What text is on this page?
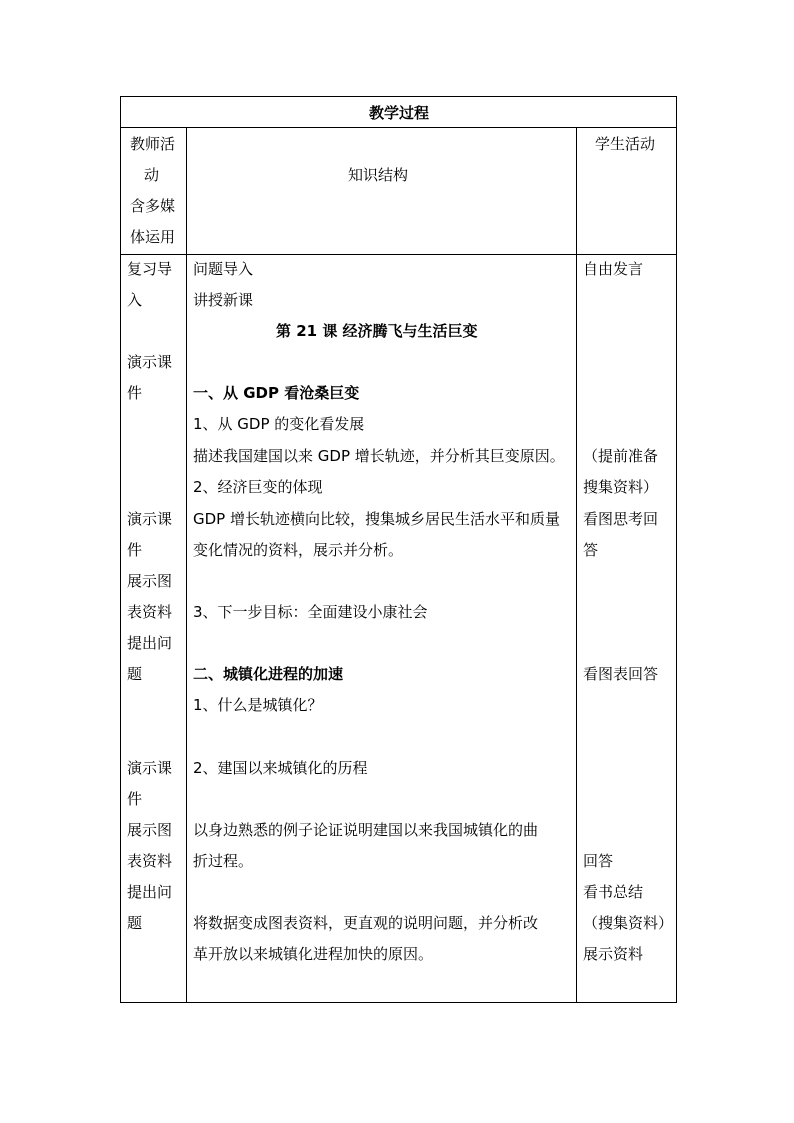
教学过程
教师活
动
含多媒
体运用
知识结构
学生活动
复习导
入
演示课
件
演示课
件
展示图
表资料
提出问
题
演示课
件
展示图
表资料
提出问
题
问题导入
讲授新课
第 21 课 经济腾飞与生活巨变
一、从 GDP 看沧桑巨变
1、从 GDP 的变化看发展
描述我国建国以来 GDP 增长轨迹，并分析其巨变原因。
2、经济巨变的体现
GDP 增长轨迹横向比较，搜集城乡居民生活水平和质量
变化情况的资料，展示并分析。
3、下一步目标：全面建设小康社会
二、城镇化进程的加速
1、什么是城镇化？
2、建国以来城镇化的历程
以身边熟悉的例子论证说明建国以来我国城镇化的曲
折过程。
将数据变成图表资料，更直观的说明问题，并分析改
革开放以来城镇化进程加快的原因。
自由发言
（提前准备
搜集资料）
看图思考回
答
看图表回答
回答
看书总结
（搜集资料）
展示资料
